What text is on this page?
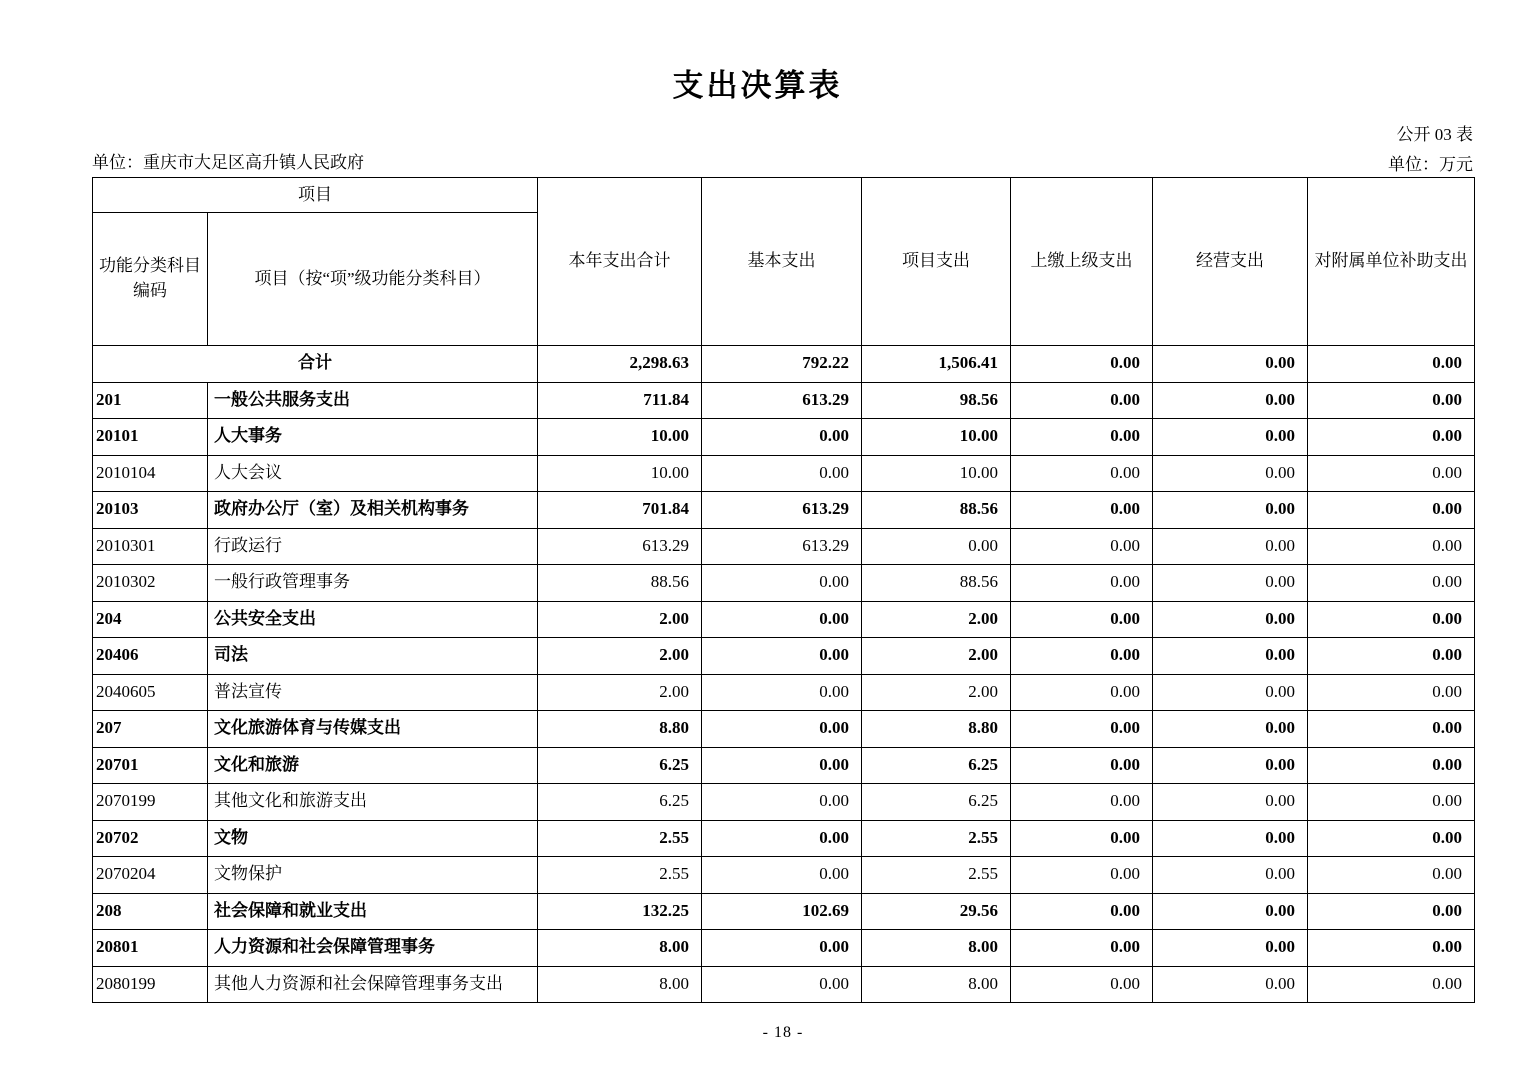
支出决算表
公开 03 表
单位：重庆市大足区高升镇人民政府	单位：万元
项目		本年支出合计	基本支出	项目支出	上缴上级支出	经营支出	对附属单位补助支出
功能分类科目编码	项目（按“项”级功能分类科目）						
合计		2,298.63	792.22	1,506.41	0.00	0.00	0.00
201	一般公共服务支出	711.84	613.29	98.56	0.00	0.00	0.00
20101	人大事务	10.00	0.00	10.00	0.00	0.00	0.00
2010104	人大会议	10.00	0.00	10.00	0.00	0.00	0.00
20103	政府办公厅（室）及相关机构事务	701.84	613.29	88.56	0.00	0.00	0.00
2010301	行政运行	613.29	613.29	0.00	0.00	0.00	0.00
2010302	一般行政管理事务	88.56	0.00	88.56	0.00	0.00	0.00
204	公共安全支出	2.00	0.00	2.00	0.00	0.00	0.00
20406	司法	2.00	0.00	2.00	0.00	0.00	0.00
2040605	普法宣传	2.00	0.00	2.00	0.00	0.00	0.00
207	文化旅游体育与传媒支出	8.80	0.00	8.80	0.00	0.00	0.00
20701	文化和旅游	6.25	0.00	6.25	0.00	0.00	0.00
2070199	其他文化和旅游支出	6.25	0.00	6.25	0.00	0.00	0.00
20702	文物	2.55	0.00	2.55	0.00	0.00	0.00
2070204	文物保护	2.55	0.00	2.55	0.00	0.00	0.00
208	社会保障和就业支出	132.25	102.69	29.56	0.00	0.00	0.00
20801	人力资源和社会保障管理事务	8.00	0.00	8.00	0.00	0.00	0.00
2080199	其他人力资源和社会保障管理事务支出	8.00	0.00	8.00	0.00	0.00	0.00
- 18 -
